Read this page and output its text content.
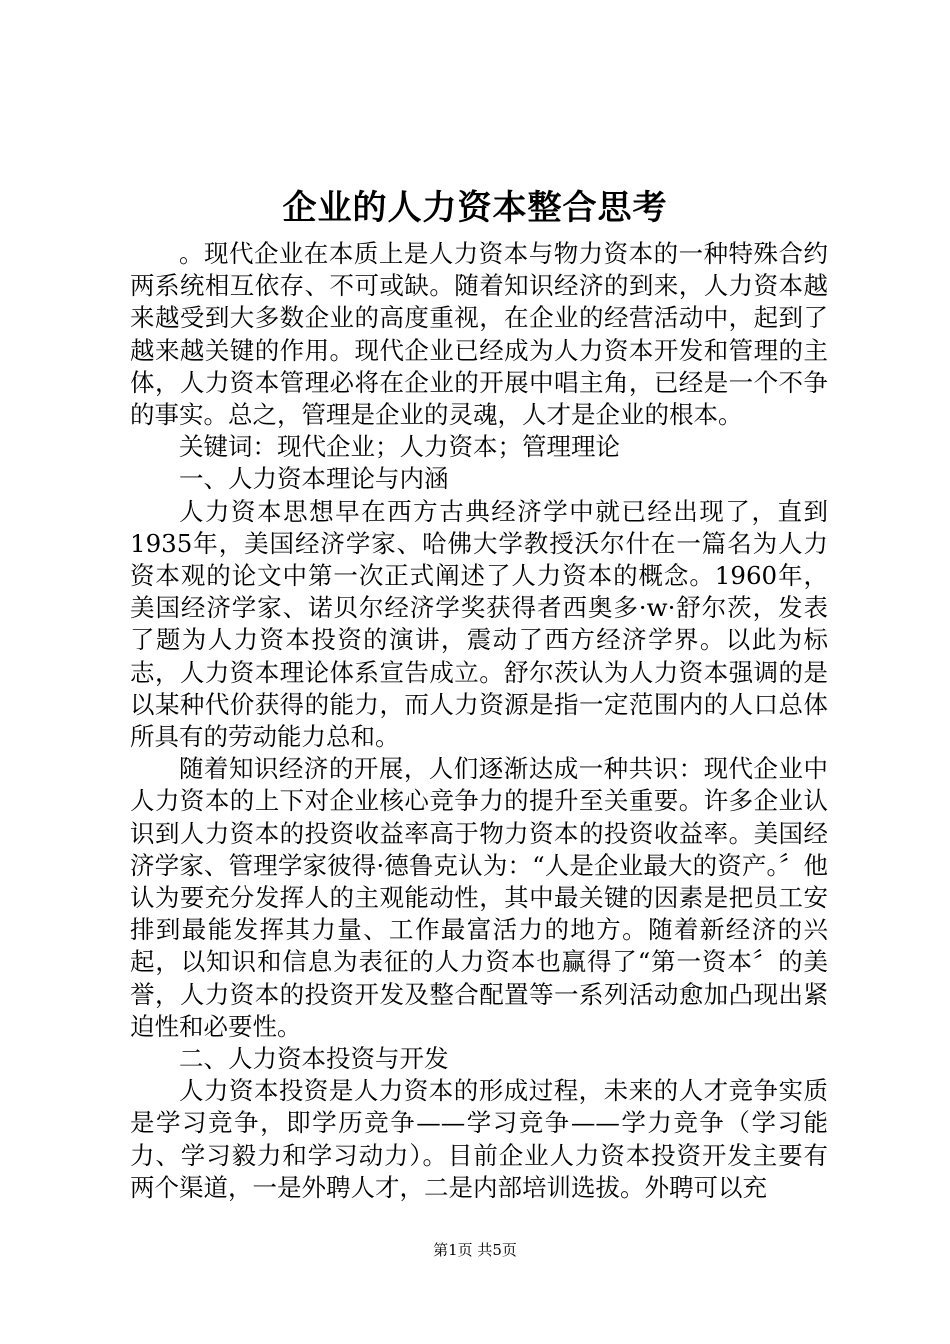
企业的人力资本整合思考

。现代企业在本质上是人力资本与物力资本的一种特殊合约两系统相互依存、不可或缺。随着知识经济的到来，人力资本越来越受到大多数企业的高度重视，在企业的经营活动中，起到了越来越关键的作用。现代企业已经成为人力资本开发和管理的主体，人力资本管理必将在企业的开展中唱主角，已经是一个不争的事实。总之，管理是企业的灵魂，人才是企业的根本。

关键词：现代企业；人力资本；管理理论

一、人力资本理论与内涵

人力资本思想早在西方古典经济学中就已经出现了，直到1935年，美国经济学家、哈佛大学教授沃尔什在一篇名为人力资本观的论文中第一次正式阐述了人力资本的概念。1960年，美国经济学家、诺贝尔经济学奖获得者西奥多·w·舒尔茨，发表了题为人力资本投资的演讲，震动了西方经济学界。以此为标志，人力资本理论体系宣告成立。舒尔茨认为人力资本强调的是以某种代价获得的能力，而人力资源是指一定范围内的人口总体所具有的劳动能力总和。

随着知识经济的开展，人们逐渐达成一种共识：现代企业中人力资本的上下对企业核心竞争力的提升至关重要。许多企业认识到人力资本的投资收益率高于物力资本的投资收益率。美国经济学家、管理学家彼得·德鲁克认为：“人是企业最大的资产。〞他认为要充分发挥人的主观能动性，其中最关键的因素是把员工安排到最能发挥其力量、工作最富活力的地方。随着新经济的兴起，以知识和信息为表征的人力资本也赢得了“第一资本〞的美誉，人力资本的投资开发及整合配置等一系列活动愈加凸现出紧迫性和必要性。

二、人力资本投资与开发

人力资本投资是人力资本的形成过程，未来的人才竞争实质是学习竞争，即学历竞争——学习竞争——学力竞争（学习能力、学习毅力和学习动力）。目前企业人力资本投资开发主要有两个渠道，一是外聘人才，二是内部培训选拔。外聘可以充

第1页 共5页
